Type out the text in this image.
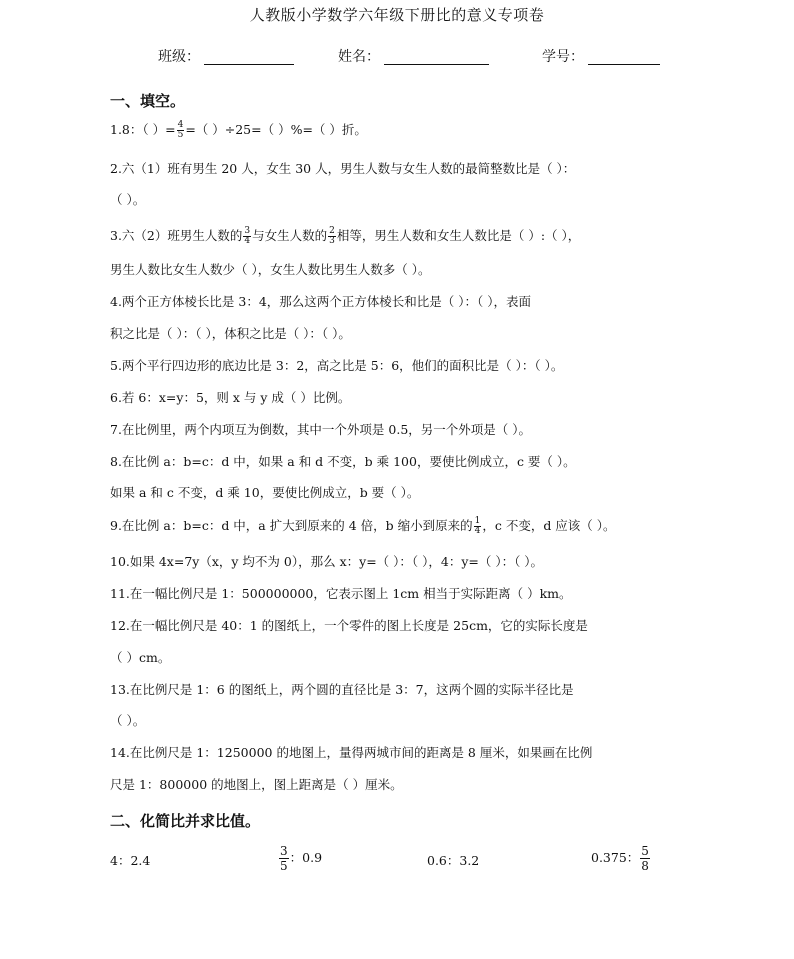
人教版小学数学六年级下册比的意义专项卷
班级：	姓名：	学号：
一、填空。
1.8：（ ）= $\frac{4}{5}$ =（ ）÷25=（ ）%=（ ）折。
2.六（1）班有男生 20 人，女生 30 人，男生人数与女生人数的最简整数比是（ ）：
（ ）。
3.六（2）班男生人数的 $\frac{3}{4}$ 与女生人数的 $\frac{2}{3}$ 相等，男生人数和女生人数比是（ ）:（ ），
男生人数比女生人数少（ ），女生人数比男生人数多（ ）。
4.两个正方体棱长比是 3：4，那么这两个正方体棱长和比是（ ）：（ ），表面
积之比是（ ）：（ ），体积之比是（ ）：（ ）。
5.两个平行四边形的底边比是 3：2，高之比是 5：6，他们的面积比是（ ）：（ ）。
6.若 6：x=y：5，则 x 与 y 成（ ）比例。
7.在比例里，两个内项互为倒数，其中一个外项是 0.5，另一个外项是（ ）。
8.在比例 a：b=c：d 中，如果 a 和 d 不变，b 乘 100，要使比例成立，c 要（ ）。
如果 a 和 c 不变，d 乘 10，要使比例成立，b 要（ ）。
9.在比例 a：b=c：d 中，a 扩大到原来的 4 倍，b 缩小到原来的 $\frac{1}{4}$ ，c 不变，d 应该（ ）。
10.如果 4x=7y（x，y 均不为 0），那么 x：y=（ ）：（ ），4：y=（ ）：（ ）。
11.在一幅比例尺是 1：500000000，它表示图上 1cm 相当于实际距离（ ）km。
12.在一幅比例尺是 40：1 的图纸上，一个零件的图上长度是 25cm，它的实际长度是
（ ）cm。
13.在比例尺是 1：6 的图纸上，两个圆的直径比是 3：7，这两个圆的实际半径比是
（ ）。
14.在比例尺是 1：1250000 的地图上，量得两城市间的距离是 8 厘米，如果画在比例
尺是 1：800000 的地图上，图上距离是（ ）厘米。
二、化简比并求比值。
4：2.4	$\frac{3}{5}$ ：0.9	0.6：3.2	0.375： $\frac{5}{8}$
